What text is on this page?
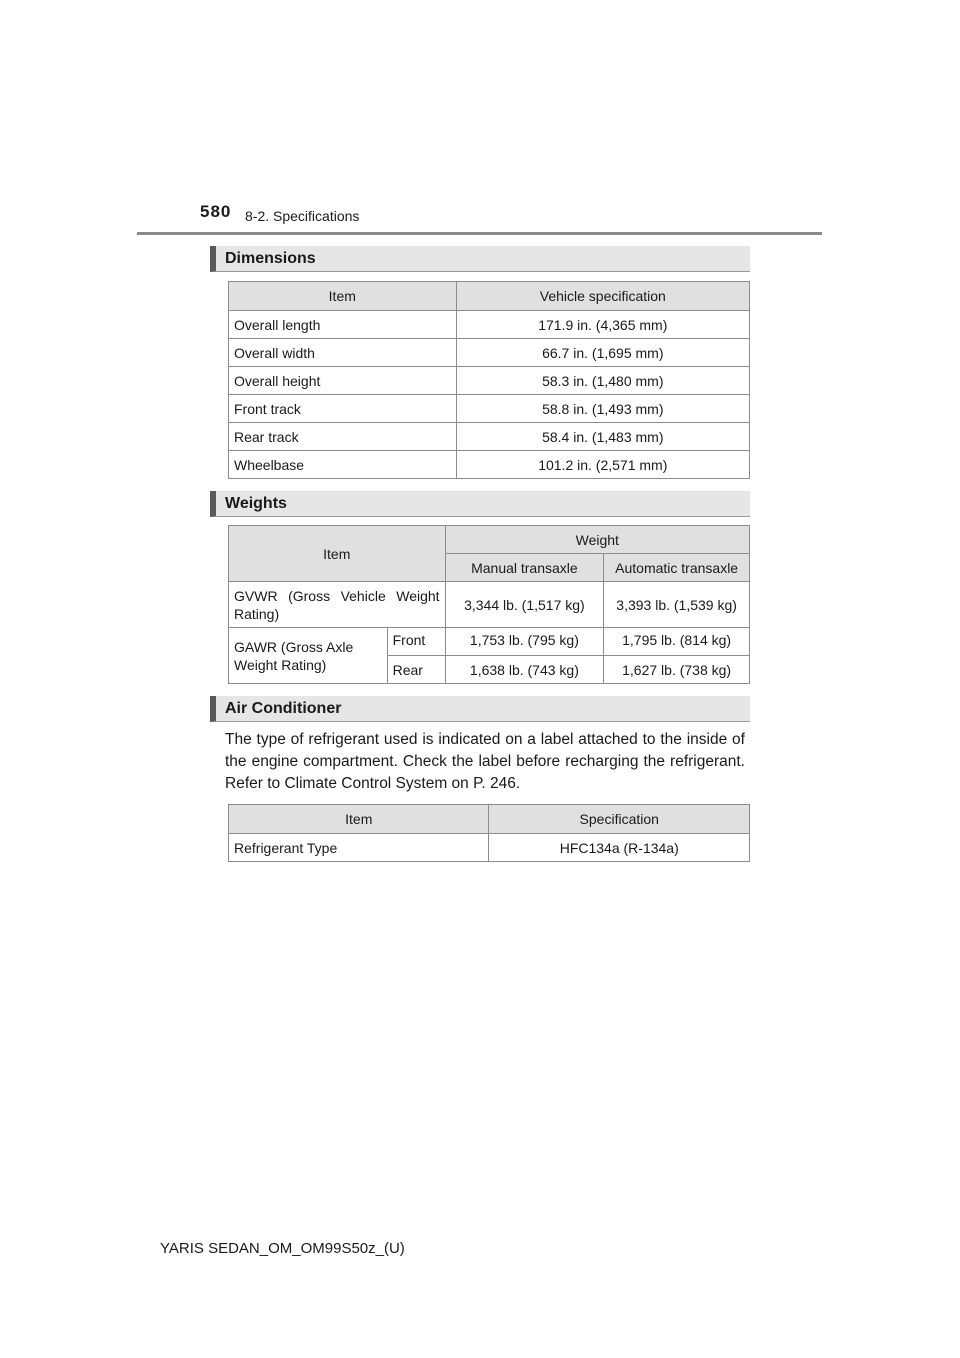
580 8-2. Specifications
Dimensions
Item	Vehicle specification
Overall length	171.9 in. (4,365 mm)
Overall width	66.7 in. (1,695 mm)
Overall height	58.3 in. (1,480 mm)
Front track	58.8 in. (1,493 mm)
Rear track	58.4 in. (1,483 mm)
Wheelbase	101.2 in. (2,571 mm)
Weights
Item		Weight	
		Manual transaxle	Automatic transaxle
GVWR (Gross Vehicle Weight Rating)		3,344 lb. (1,517 kg)	3,393 lb. (1,539 kg)
GAWR (Gross Axle Weight Rating)	Front	1,753 lb. (795 kg)	1,795 lb. (814 kg)
	Rear	1,638 lb. (743 kg)	1,627 lb. (738 kg)
Air Conditioner
The type of refrigerant used is indicated on a label attached to the inside of the engine compartment. Check the label before recharging the refrigerant. Refer to Climate Control System on P. 246.
Item	Specification
Refrigerant Type	HFC134a (R-134a)
YARIS SEDAN_OM_OM99S50z_(U)
